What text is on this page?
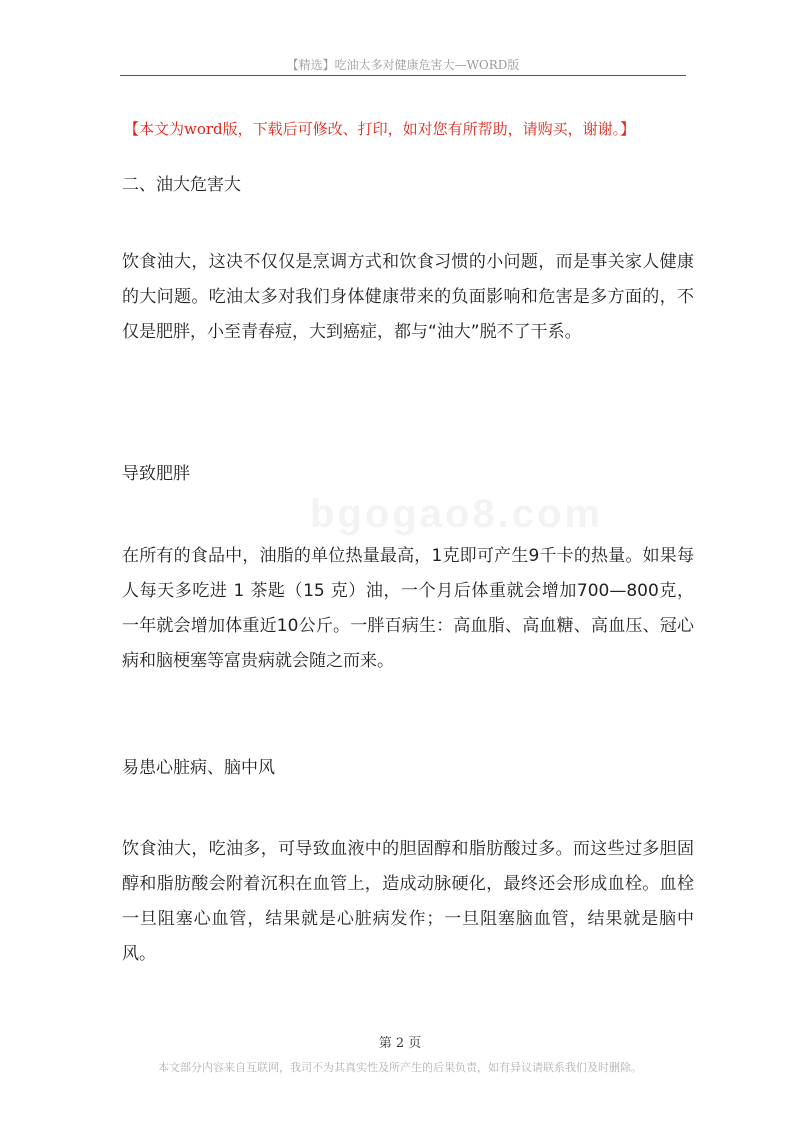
【精选】吃油太多对健康危害大—WORD版
【本文为word版，下载后可修改、打印，如对您有所帮助，请购买，谢谢。】
二、油大危害大
饮食油大，这决不仅仅是烹调方式和饮食习惯的小问题，而是事关家人健康的大问题。吃油太多对我们身体健康带来的负面影响和危害是多方面的，不仅是肥胖，小至青春痘，大到癌症，都与“油大”脱不了干系。
导致肥胖
bgogao8.com
在所有的食品中，油脂的单位热量最高，1克即可产生9千卡的热量。如果每人每天多吃进 1 茶匙（15 克）油，一个月后体重就会增加700—800克，一年就会增加体重近10公斤。一胖百病生：高血脂、高血糖、高血压、冠心病和脑梗塞等富贵病就会随之而来。
易患心脏病、脑中风
饮食油大，吃油多，可导致血液中的胆固醇和脂肪酸过多。而这些过多胆固醇和脂肪酸会附着沉积在血管上，造成动脉硬化，最终还会形成血栓。血栓一旦阻塞心血管，结果就是心脏病发作；一旦阻塞脑血管，结果就是脑中风。
第 2 页
本文部分内容来自互联网，我司不为其真实性及所产生的后果负责，如有异议请联系我们及时删除。
